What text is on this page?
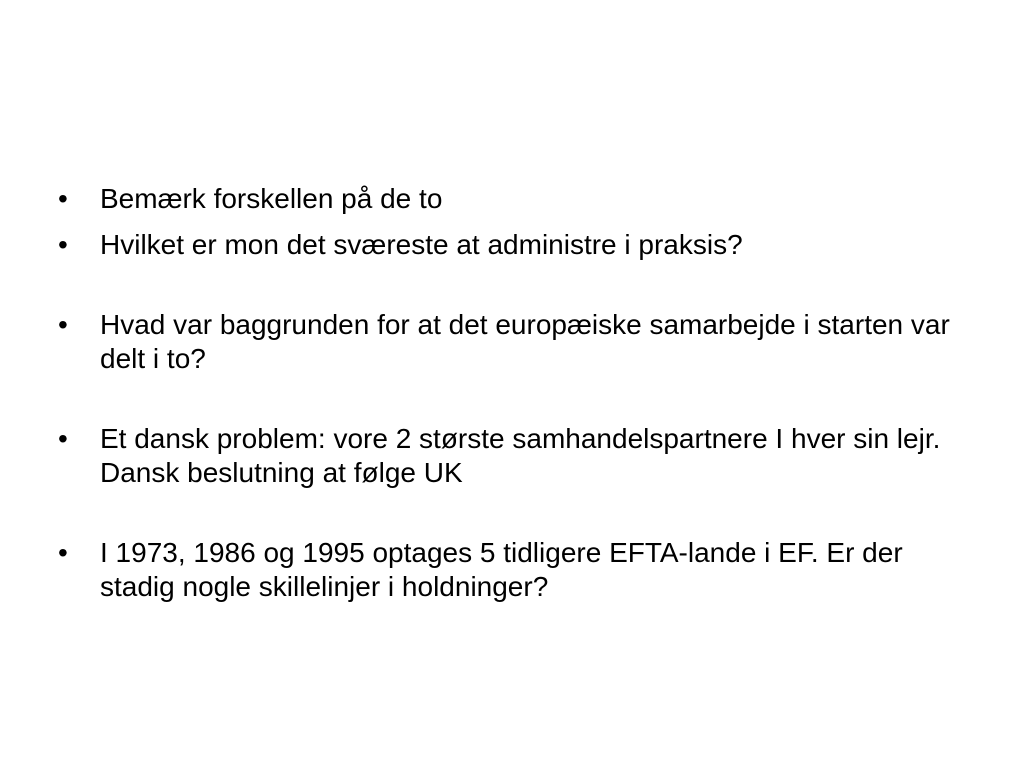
•	Bemærk forskellen på de to
•	Hvilket er mon det sværeste at administre i praksis?
•	Hvad var baggrunden for at det europæiske samarbejde i starten var delt i to?
•	Et dansk problem: vore 2 største samhandelspartnere I hver sin lejr. Dansk beslutning at følge UK
•	I 1973, 1986 og 1995 optages 5 tidligere EFTA-lande i EF. Er der stadig nogle skillelinjer i holdninger?
